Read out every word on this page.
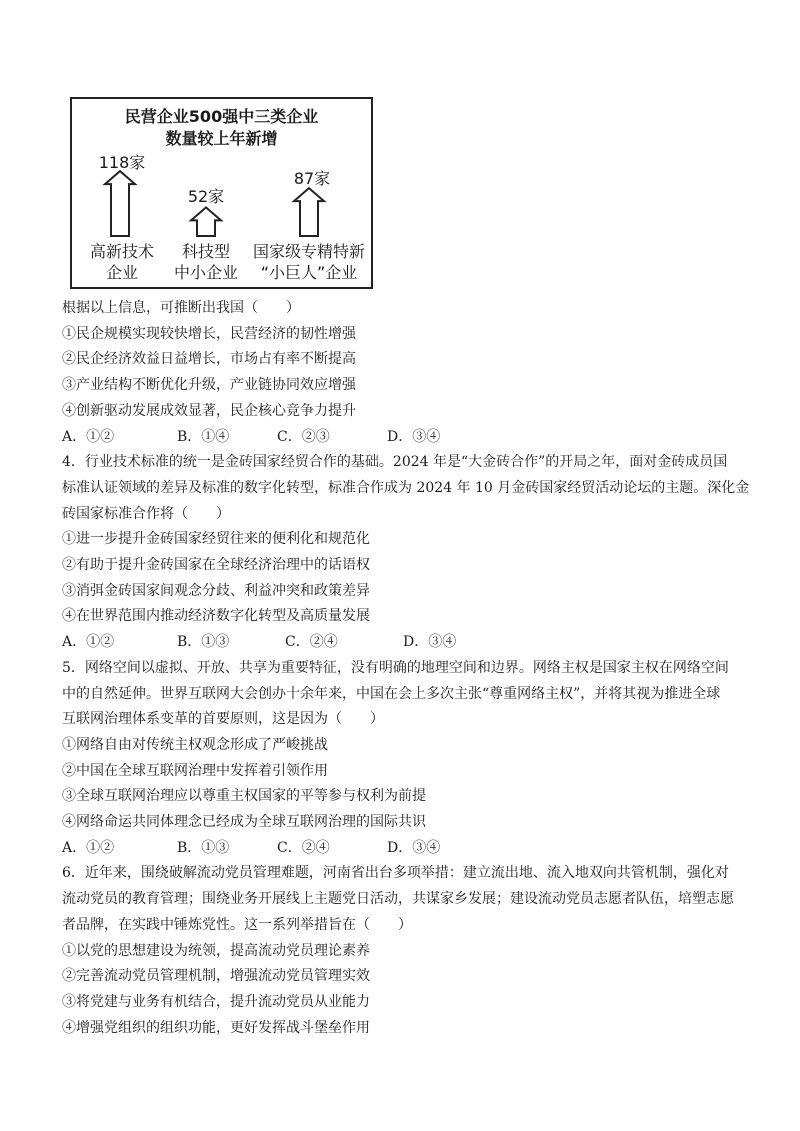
民营企业500强中三类企业
数量较上年新增
118家
52家
87家
高新技术
企业
科技型
中小企业
国家级专精特新
“小巨人”企业
根据以上信息，可推断出我国（　　）
①民企规模实现较快增长，民营经济的韧性增强
②民企经济效益日益增长，市场占有率不断提高
③产业结构不断优化升级，产业链协同效应增强
④创新驱动发展成效显著，民企核心竞争力提升
A．①②	B．①④	C．②③	D．③④
4．行业技术标准的统一是金砖国家经贸合作的基础。2024 年是“大金砖合作”的开局之年，面对金砖成员国
标准认证领域的差异及标准的数字化转型，标准合作成为 2024 年 10 月金砖国家经贸活动论坛的主题。深化金
砖国家标准合作将（　　）
①进一步提升金砖国家经贸往来的便利化和规范化
②有助于提升金砖国家在全球经济治理中的话语权
③消弭金砖国家间观念分歧、利益冲突和政策差异
④在世界范围内推动经济数字化转型及高质量发展
A．①②	B．①③	C．②④	D．③④
5．网络空间以虚拟、开放、共享为重要特征，没有明确的地理空间和边界。网络主权是国家主权在网络空间
中的自然延伸。世界互联网大会创办十余年来，中国在会上多次主张“尊重网络主权”，并将其视为推进全球
互联网治理体系变革的首要原则，这是因为（　　）
①网络自由对传统主权观念形成了严峻挑战
②中国在全球互联网治理中发挥着引领作用
③全球互联网治理应以尊重主权国家的平等参与权利为前提
④网络命运共同体理念已经成为全球互联网治理的国际共识
A．①②	B．①③	C．②④	D．③④
6．近年来，围绕破解流动党员管理难题，河南省出台多项举措：建立流出地、流入地双向共管机制，强化对
流动党员的教育管理；围绕业务开展线上主题党日活动，共谋家乡发展；建设流动党员志愿者队伍，培塑志愿
者品牌，在实践中锤炼党性。这一系列举措旨在（　　）
①以党的思想建设为统领，提高流动党员理论素养
②完善流动党员管理机制，增强流动党员管理实效
③将党建与业务有机结合，提升流动党员从业能力
④增强党组织的组织功能，更好发挥战斗堡垒作用
